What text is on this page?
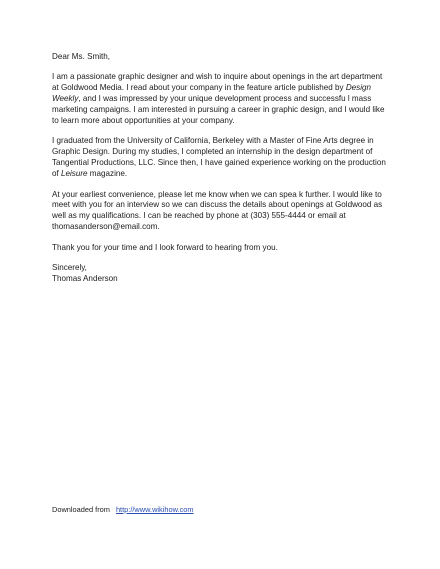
Dear Ms. Smith,

I am a passionate graphic designer and wish to inquire about openings in the art department at Goldwood Media. I read about your company in the feature article published by Design Weekly, and I was impressed by your unique development process and successfu l mass marketing campaigns. I am interested in pursuing a career in graphic design, and I would like to learn more about opportunities at your company.

I graduated from the University of California, Berkeley with a Master of Fine Arts degree in Graphic Design. During my studies, I completed an internship in the design department of Tangential Productions, LLC. Since then, I have gained experience working on the production of Leisure magazine.

At your earliest convenience, please let me know when we can spea k further. I would like to meet with you for an interview so we can discuss the details about openings at Goldwood as well as my qualifications. I can be reached by phone at (303) 555-4444 or email at thomasanderson@email.com.

Thank you for your time and I look forward to hearing from you.

Sincerely,

Thomas Anderson

Downloaded from http://www.wikihow.com
